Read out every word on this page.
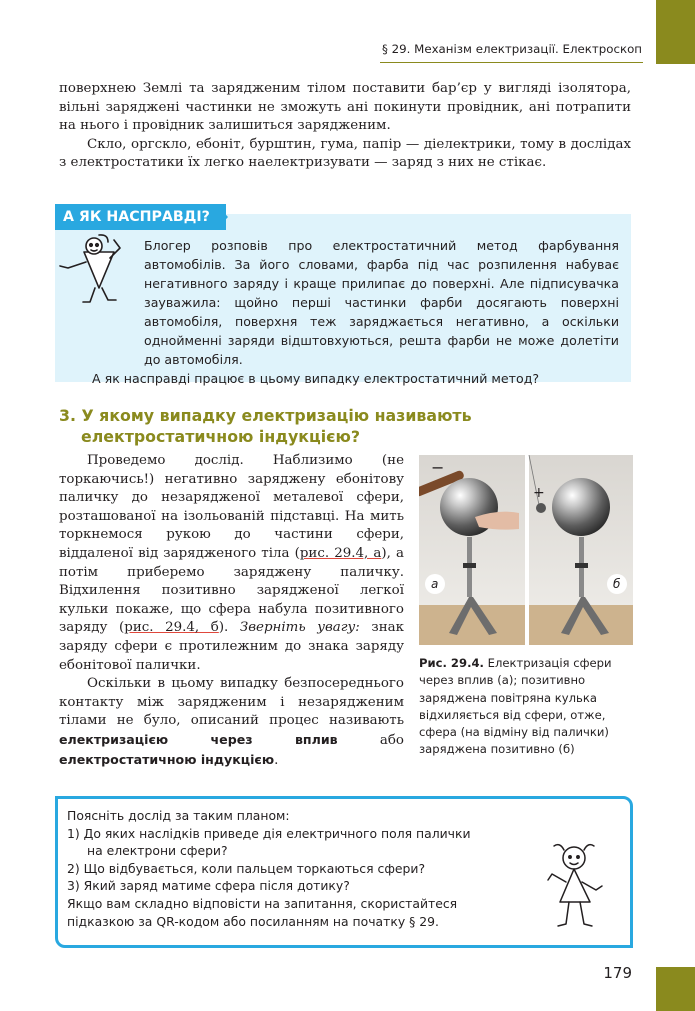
§ 29. Механізм електризації. Електроскоп

поверхнею Землі та зарядженим тілом поставити бар’єр у вигляді ізолятора, вільні заряджені частинки не зможуть ані покинути провідник, ані потрапити на нього і провідник залишиться зарядженим.

Скло, оргскло, ебоніт, бурштин, гума, папір — діелектрики, тому в дослідах з електростатики їх легко наелектризувати — заряд з них не стікає.

А ЯК НАСПРАВДІ?

Блогер розповів про електростатичний метод фарбування автомобілів. За його словами, фарба під час розпилення набуває негативного заряду і краще прилипає до поверхні. Але підписувачка зауважила: щойно перші частинки фарби досягають поверхні автомобіля, поверхня теж заряджається негативно, а оскільки однойменні заряди відштовхуються, решта фарби не може долетіти до автомобіля.

А як насправді працює в цьому випадку електростатичний метод?

3. У якому випадку електризацію називають
електростатичною індукцією?

Проведемо дослід. Наблизимо (не торкаючись!) негативно заряджену ебонітову паличку до незарядженої металевої сфери, розташованої на ізольованій підставці. На мить торкнемося рукою до частини сфери, віддаленої від зарядженого тіла (рис. 29.4, а), а потім приберемо заряджену паличку. Відхилення позитивно зарядженої легкої кульки покаже, що сфера набула позитивного заряду (рис. 29.4, б). Зверніть увагу: знак заряду сфери є протилежним до знака заряду ебонітової палички.

Оскільки в цьому випадку безпосереднього контакту між зарядженим і незарядженим тілами не було, описаний процес називають електризацією через вплив або електростатичною індукцією.

−
+
а	б
Рис. 29.4. Електризація сфери через вплив (а); позитивно заряджена повітряна кулька відхиляється від сфери, отже, сфера (на відміну від палички) заряджена позитивно (б)
Поясніть дослід за таким планом:
1) До яких наслідків приведе дія електричного поля палички
на електрони сфери?
2) Що відбувається, коли пальцем торкаються сфери?
3) Який заряд матиме сфера після дотику?
Якщо вам складно відповісти на запитання, скористайтеся
підказкою за QR-кодом або посиланням на початку § 29.
179
